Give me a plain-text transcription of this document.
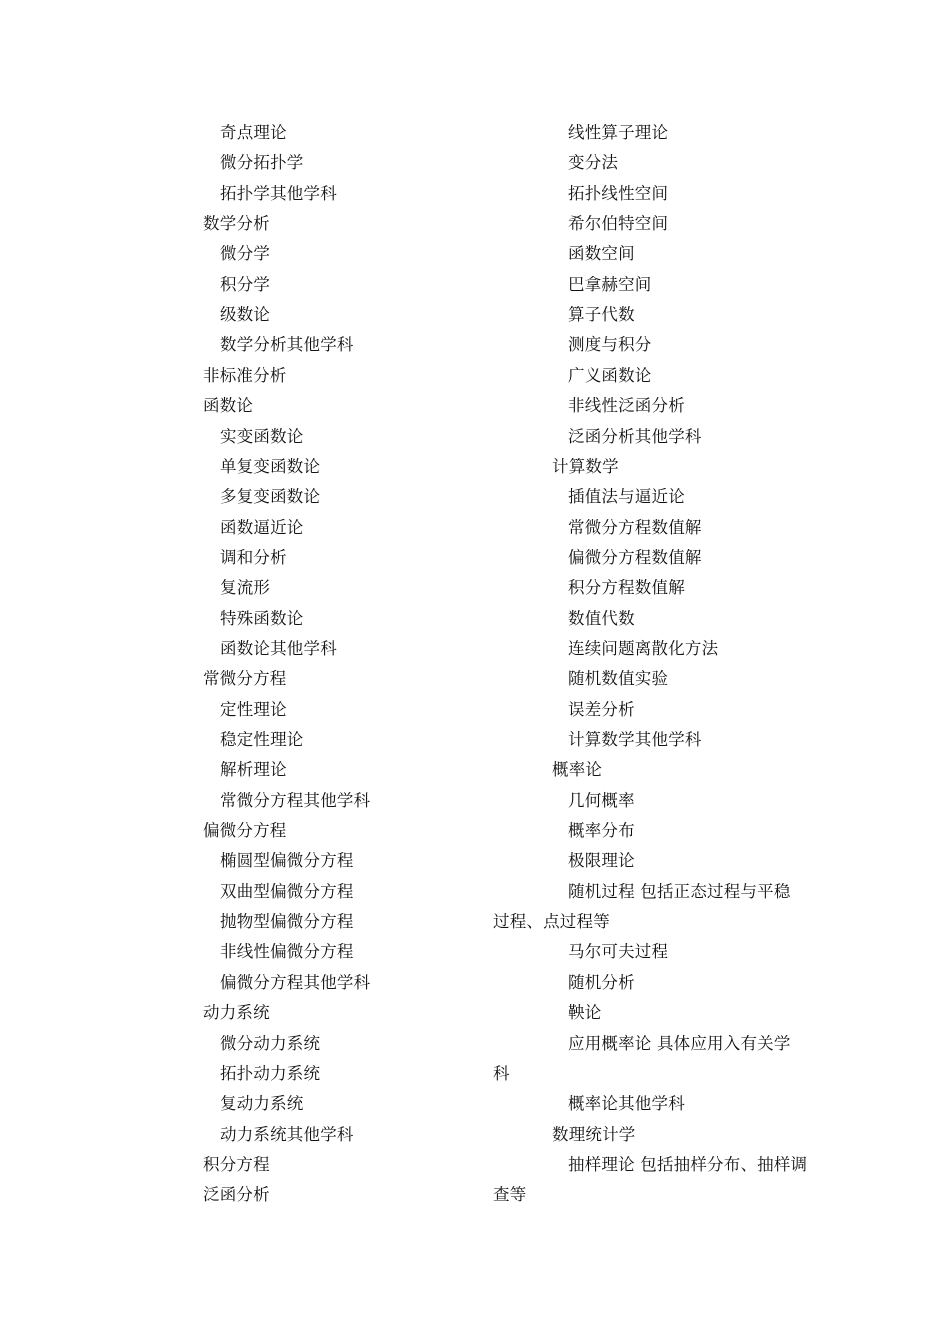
奇点理论
微分拓扑学
拓扑学其他学科
数学分析
微分学
积分学
级数论
数学分析其他学科
非标准分析
函数论
实变函数论
单复变函数论
多复变函数论
函数逼近论
调和分析
复流形
特殊函数论
函数论其他学科
常微分方程
定性理论
稳定性理论
解析理论
常微分方程其他学科
偏微分方程
椭圆型偏微分方程
双曲型偏微分方程
抛物型偏微分方程
非线性偏微分方程
偏微分方程其他学科
动力系统
微分动力系统
拓扑动力系统
复动力系统
动力系统其他学科
积分方程
泛函分析
线性算子理论
变分法
拓扑线性空间
希尔伯特空间
函数空间
巴拿赫空间
算子代数
测度与积分
广义函数论
非线性泛函分析
泛函分析其他学科
计算数学
插值法与逼近论
常微分方程数值解
偏微分方程数值解
积分方程数值解
数值代数
连续问题离散化方法
随机数值实验
误差分析
计算数学其他学科
概率论
几何概率
概率分布
极限理论
随机过程 包括正态过程与平稳
过程、点过程等
马尔可夫过程
随机分析
鞅论
应用概率论 具体应用入有关学
科
概率论其他学科
数理统计学
抽样理论 包括抽样分布、抽样调
查等
